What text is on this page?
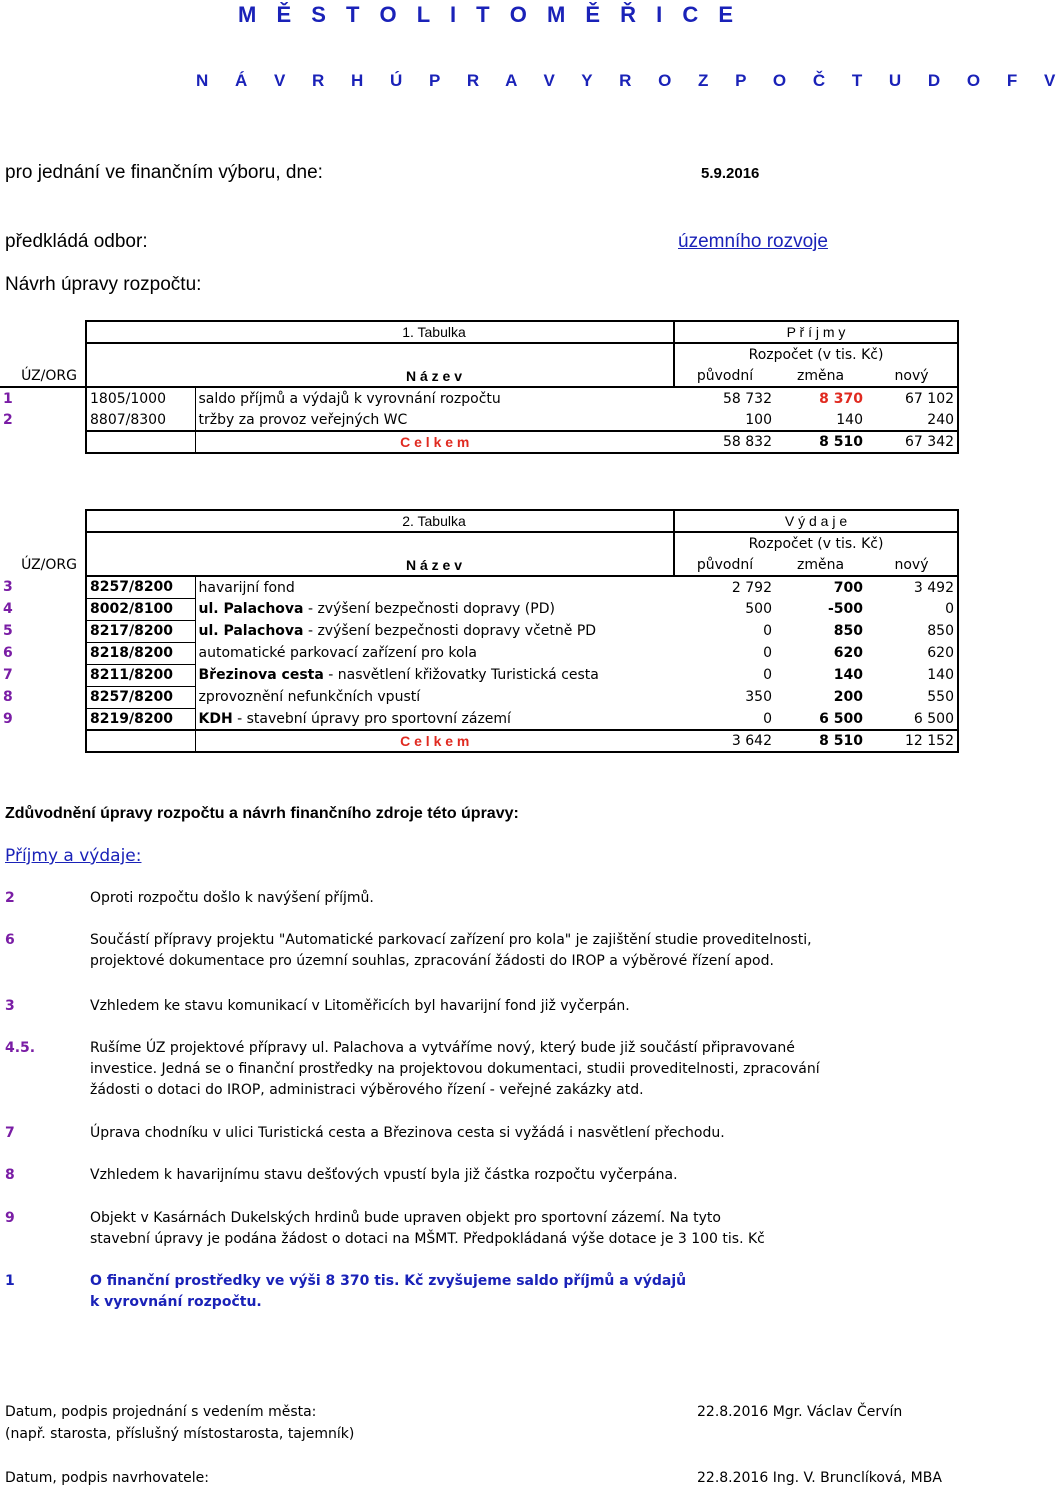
M Ě S T O L I T O M Ě Ř I C E
N Á V R H Ú P R A V Y R O Z P O Č T U D O F V
pro jednání ve finančním výboru, dne:	5.9.2016
předkládá odbor:	územního rozvoje
Návrh úpravy rozpočtu:
		1. Tabulka	P ř í j m y		
			Rozpočet (v tis. Kč)		
ÚZ/ORG		N á z e v	původní	změna	nový
1	1805/1000	saldo příjmů a výdajů k vyrovnání rozpočtu	58 732	8 370	67 102
2	8807/8300	tržby za provoz veřejných WC	100	140	240
		C e l k e m	58 832	8 510	67 342
		2. Tabulka	V ý d a j e		
			Rozpočet (v tis. Kč)		
ÚZ/ORG		N á z e v	původní	změna	nový
3	8257/8200	havarijní fond	2 792	700	3 492
4	8002/8100	ul. Palachova - zvýšení bezpečnosti dopravy (PD)	500	-500	0
5	8217/8200	ul. Palachova - zvýšení bezpečnosti dopravy včetně PD	0	850	850
6	8218/8200	automatické parkovací zařízení pro kola	0	620	620
7	8211/8200	Březinova cesta - nasvětlení křižovatky Turistická cesta	0	140	140
8	8257/8200	zprovoznění nefunkčních vpustí	350	200	550
9	8219/8200	KDH - stavební úpravy pro sportovní zázemí	0	6 500	6 500
		C e l k e m	3 642	8 510	12 152
Zdůvodnění úpravy rozpočtu a návrh finančního zdroje této úpravy:
Příjmy a výdaje:
2	Oproti rozpočtu došlo k navýšení příjmů.
6	Součástí přípravy projektu "Automatické parkovací zařízení pro kola" je zajištění studie proveditelnosti,
projektové dokumentace pro územní souhlas, zpracování žádosti do IROP a výběrové řízení apod.
3	Vzhledem ke stavu komunikací v Litoměřicích byl havarijní fond již vyčerpán.
4.5.	Rušíme ÚZ projektové přípravy ul. Palachova a vytváříme nový, který bude již součástí připravované
investice. Jedná se o finanční prostředky na projektovou dokumentaci, studii proveditelnosti, zpracování
žádosti o dotaci do IROP, administraci výběrového řízení - veřejné zakázky atd.
7	Úprava chodníku v ulici Turistická cesta a Březinova cesta si vyžádá i nasvětlení přechodu.
8	Vzhledem k havarijnímu stavu dešťových vpustí byla již částka rozpočtu vyčerpána.
9	Objekt v Kasárnách Dukelských hrdinů bude upraven objekt pro sportovní zázemí. Na tyto
stavební úpravy je podána žádost o dotaci na MŠMT. Předpokládaná výše dotace je 3 100 tis. Kč
1	O finanční prostředky ve výši 8 370 tis. Kč zvyšujeme saldo příjmů a výdajů
k vyrovnání rozpočtu.
Datum, podpis projednání s vedením města:	22.8.2016 Mgr. Václav Červín
(např. starosta, příslušný místostarosta, tajemník)
Datum, podpis navrhovatele:	22.8.2016 Ing. V. Brunclíková, MBA
